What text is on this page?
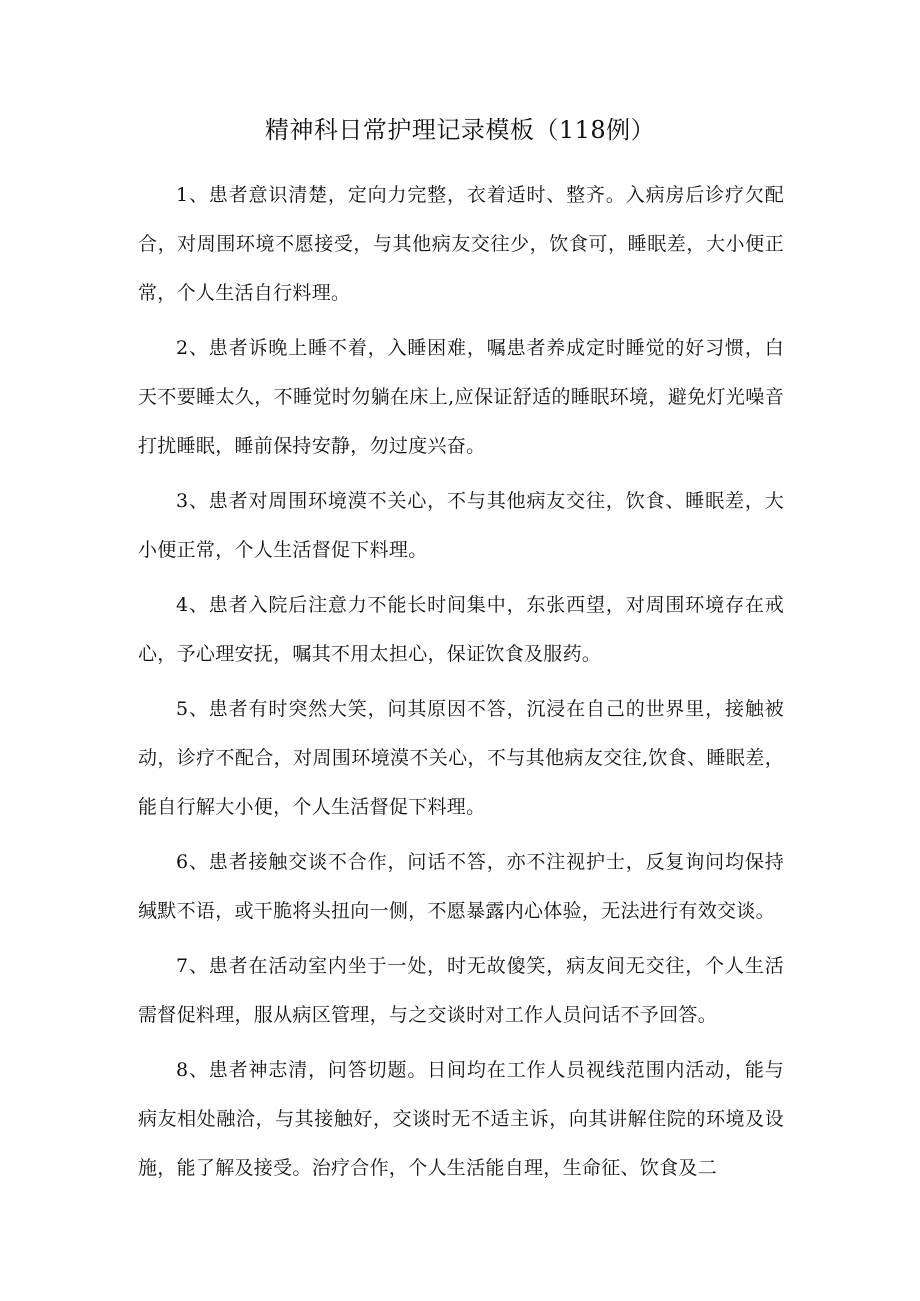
精神科日常护理记录模板（118例）

1、患者意识清楚，定向力完整，衣着适时、整齐。入病房后诊疗欠配合，对周围环境不愿接受，与其他病友交往少，饮食可，睡眠差，大小便正常，个人生活自行料理。

2、患者诉晚上睡不着，入睡困难，嘱患者养成定时睡觉的好习惯，白天不要睡太久，不睡觉时勿躺在床上,应保证舒适的睡眠环境，避免灯光噪音打扰睡眠，睡前保持安静，勿过度兴奋。

3、患者对周围环境漠不关心，不与其他病友交往，饮食、睡眠差，大小便正常，个人生活督促下料理。

4、患者入院后注意力不能长时间集中，东张西望，对周围环境存在戒心，予心理安抚，嘱其不用太担心，保证饮食及服药。

5、患者有时突然大笑，问其原因不答，沉浸在自己的世界里，接触被动，诊疗不配合，对周围环境漠不关心，不与其他病友交往,饮食、睡眠差，能自行解大小便，个人生活督促下料理。

6、患者接触交谈不合作，问话不答，亦不注视护士，反复询问均保持缄默不语，或干脆将头扭向一侧，不愿暴露内心体验，无法进行有效交谈。

7、患者在活动室内坐于一处，时无故傻笑，病友间无交往，个人生活需督促料理，服从病区管理，与之交谈时对工作人员问话不予回答。

8、患者神志清，问答切题。日间均在工作人员视线范围内活动，能与病友相处融洽，与其接触好，交谈时无不适主诉，向其讲解住院的环境及设施，能了解及接受。治疗合作，个人生活能自理，生命征、饮食及二
